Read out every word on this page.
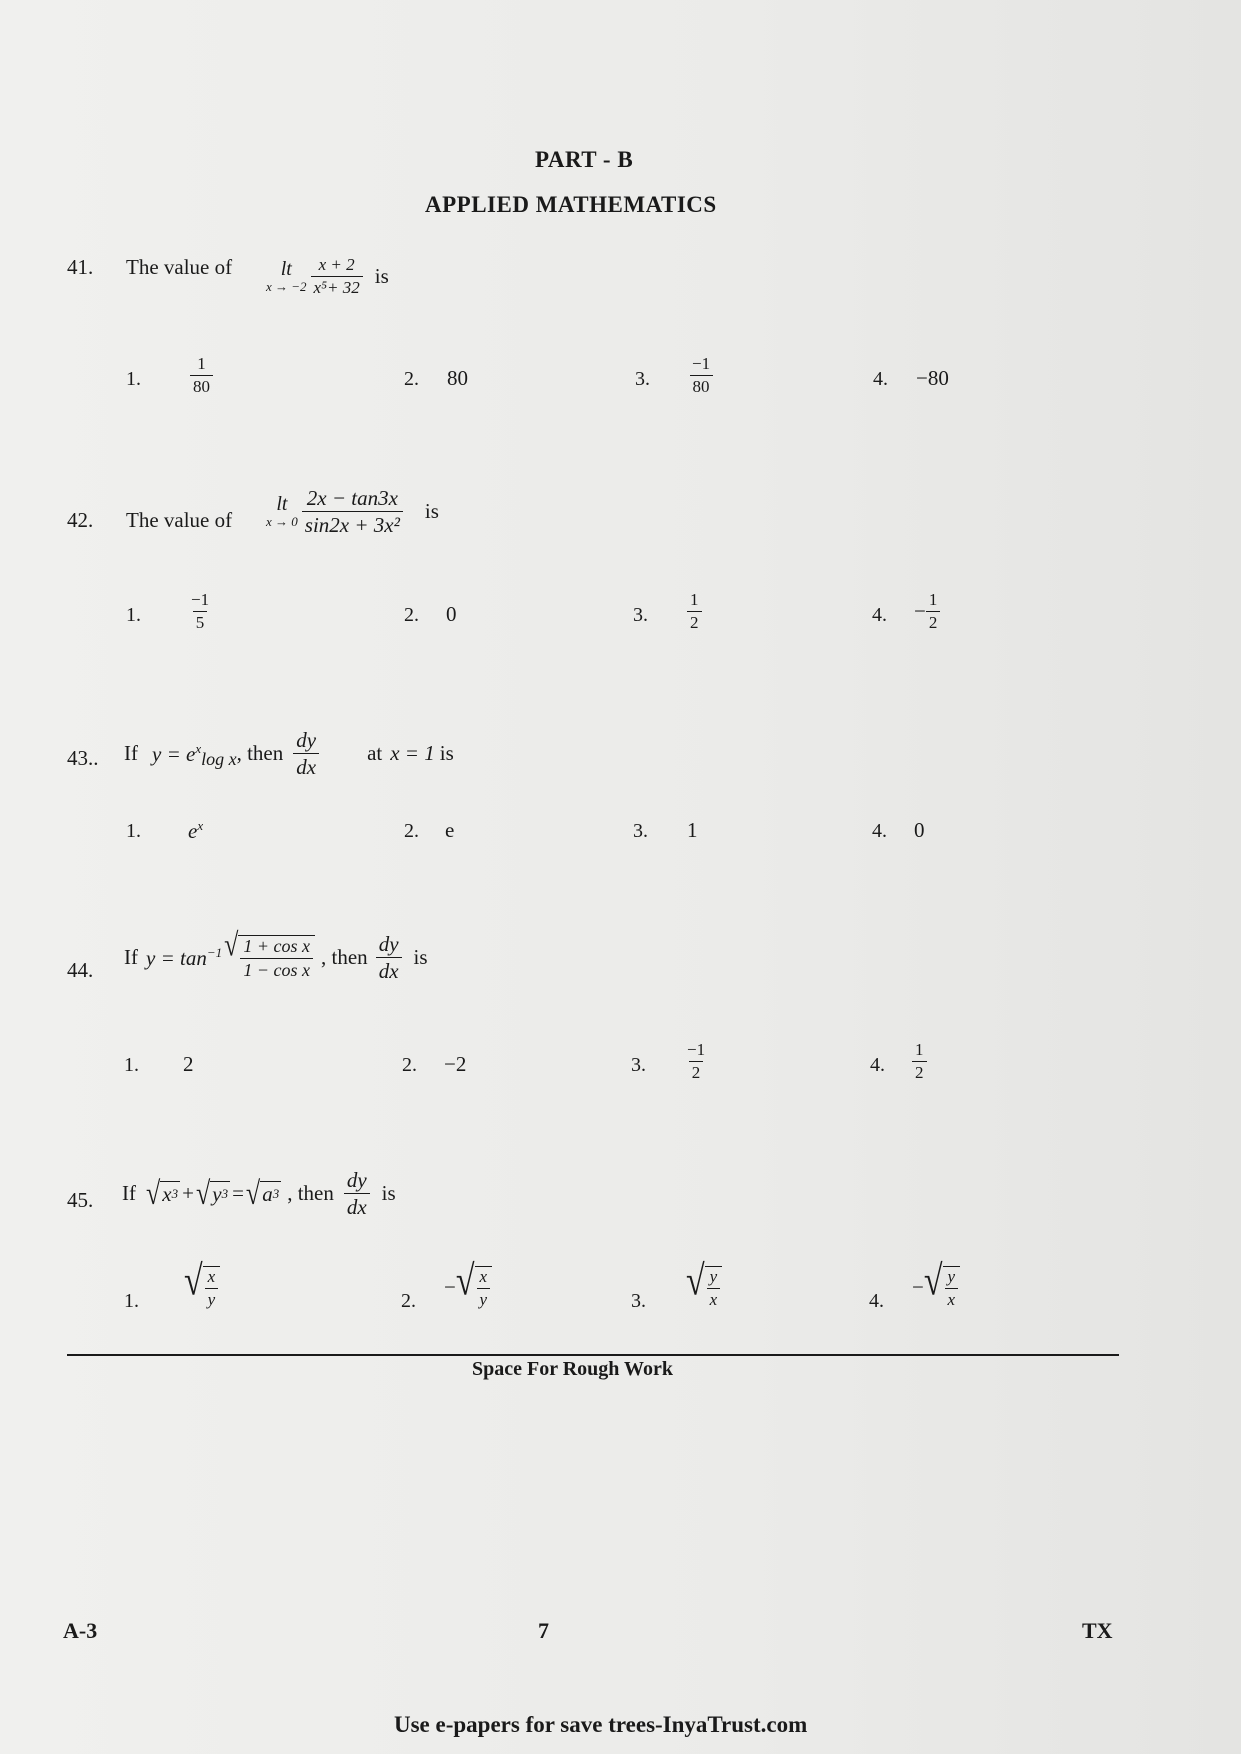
PART - B
APPLIED MATHEMATICS
41. The value of lt
$x \to -2 \frac{x + 2}{\text{x⁵+ 32}}$ is
1.	$\frac{1}{80}$	2. 80	3. $\frac{-1}{80}$	4. −80
42. The value of
lt
$x \to 0 \frac{2x - \tan 3x}{\text{sin2x + 3x²}}$ is
1.	$\frac{-1}{5}$	2. 0	3. $\frac{1}{2}$	4. − $\frac{1}{2}$
43.. If $y = e^x\log$ x , then $\frac{dy}{dx}$ at x = 1 is
1. $e^x$	2. e	3. 1	4. 0
44.
If $y = \tan^{-1}$ √ $\frac{\text{1 + cos x}}{\text{1 − cos x}}$ , then $\frac{dy}{dx}$ is
1. 2	2. −2	3. $\frac{-1}{2}$	4. $\frac{1}{2}$
45. If √ x 3 + √ y 3 = √ a 3 , then $\frac{dy}{dx}$ is
1. √ $\frac{x}{y}$	2.
− √ $\frac{x}{y}$	3. √ $\frac{y}{x}$	4.
− √ $\frac{y}{x}$
Space For Rough Work
A-3	7	TX
Use e-papers for save trees-InyaTrust.com
